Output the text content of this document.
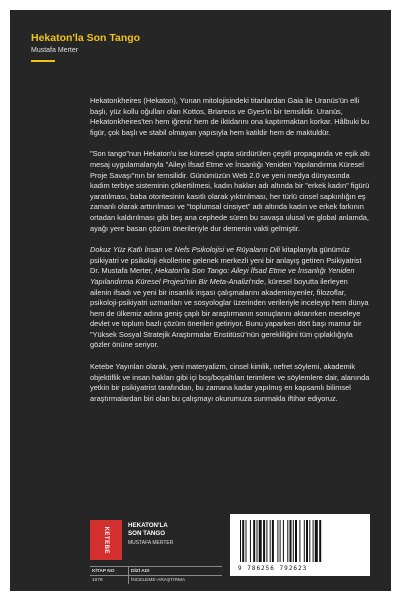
Hekaton'la Son Tango
Mustafa Merter

Hekatonkheires (Hekaton), Yunan mitolojisindeki titanlardan Gaia ile Uranüs'ün elli başlı, yüz kollu oğulları olan Kottos, Briareus ve Gyes'in bir temsilidir. Uranüs, Hekatonkheires'ten hem iğrenir hem de iktidarını ona kaptırmaktan korkar. Hâlbuki bu figür, çok başlı ve stabil olmayan yapısıyla hem katildir hem de maktuldür.

"Son tango"nun Hekaton'u ise küresel çapta sürdürülen çeşitli propaganda ve eşik altı mesaj uygulamalarıyla "Aileyi İfsad Etme ve İnsanlığı Yeniden Yapılandırma Küresel Proje Savaşı"nın bir temsilidir. Günümüzün Web 2.0 ve yeni medya dünyasında kadim terbiye sisteminin çökertilmesi, kadın hakları adı altında bir "erkek kadın" figürü yaratılması, baba otoritesinin kasıtlı olarak yıktırılması, her türlü cinsel sapkınlığın eş zamanlı olarak arttırılması ve "toplumsal cinsiyet" adı altında kadın ve erkek farkının ortadan kaldırılması gibi beş ana cephede süren bu savaşa ulusal ve global anlamda, ayağı yere basan çözüm önerileriyle dur demenin vakti gelmiştir.

Dokuz Yüz Katlı İnsan ve Nefs Psikolojisi ve Rüyaların Dili kitaplarıyla günümüz psikiyatri ve psikoloji ekollerine gelenek merkezli yeni bir anlayış getiren Psikiyatrist Dr. Mustafa Merter, Hekaton'la Son Tango: Aileyi İfsad Etme ve İnsanlığı Yeniden Yapılandırma Küresel Projesi'nin Bir Meta-Analizi'nde, küresel boyutta ilerleyen ailenin ifsadı ve yeni bir insanlık inşası çalışmalarını akademisyenler, filozoflar, psikoloji-psikiyatri uzmanları ve sosyologlar üzerinden verileriyle inceleyip hem dünya hem de ülkemiz adına geniş çaplı bir araştırmanın sonuçlarını aktarırken meseleye devlet ve toplum bazlı çözüm önerileri getiriyor. Bunu yaparken dört başı mamur bir "Yüksek Sosyal Stratejik Araştırmalar Enstitüsü"nün gerekliliğini tüm çıplaklığıyla gözler önüne seriyor.

Ketebe Yayınları olarak, yeni materyalizm, cinsel kimlik, nefret söylemi, akademik objektiflik ve insan hakları gibi içi boş/boşaltılan terimlere ve söylemlere dair, alanında yetkin bir psikiyatrist tarafından, bu zamana kadar yapılmış en kapsamlı bilimsel araştırmalardan biri olan bu çalışmayı okurumuza sunmakla iftihar ediyoruz.

KETEBE
HEKATON'LA
SON TANGO
MUSTAFA MERTER
9 786256 792623
KİTAP NO	DİZİ ADI
1078	İNCELEME-ARAŞTIRMA
